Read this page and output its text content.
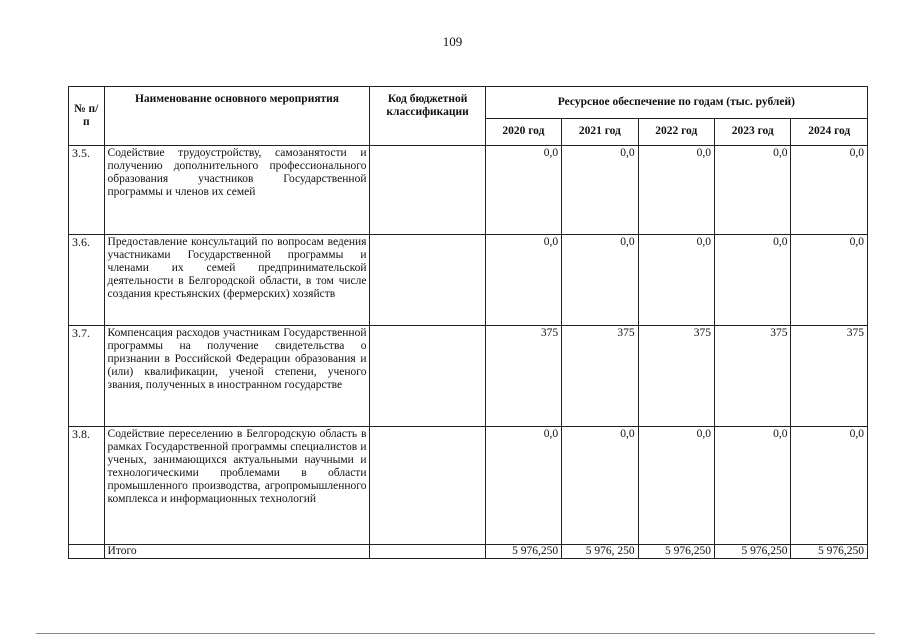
109
№ п/п	Наименование основного мероприятия	Код бюджетной классификации	Ресурсное обеспечение по годам (тыс. рублей)				
			2020 год	2021 год	2022 год	2023 год	2024 год
3.5.	Содействие трудоустройству, самозанятости и получению дополнительного профессионального образования участников Государственной программы и членов их семей		0,0	0,0	0,0	0,0	0,0
3.6.	Предоставление консультаций по вопросам ведения участниками Государственной программы и членами их семей предпринимательской деятельности в Белгородской области, в том числе создания крестьянских (фермерских) хозяйств		0,0	0,0	0,0	0,0	0,0
3.7.	Компенсация расходов участникам Государственной программы на получение свидетельства о признании в Российской Федерации образования и (или) квалификации, ученой степени, ученого звания, полученных в иностранном государстве		375	375	375	375	375
3.8.	Содействие переселению в Белгородскую область в рамках Государственной программы специалистов и ученых, занимающихся актуальными научными и технологическими проблемами в области промышленного производства, агропромышленного комплекса и информационных технологий		0,0	0,0	0,0	0,0	0,0
	Итого		5 976,250	5 976, 250	5 976,250	5 976,250	5 976,250
